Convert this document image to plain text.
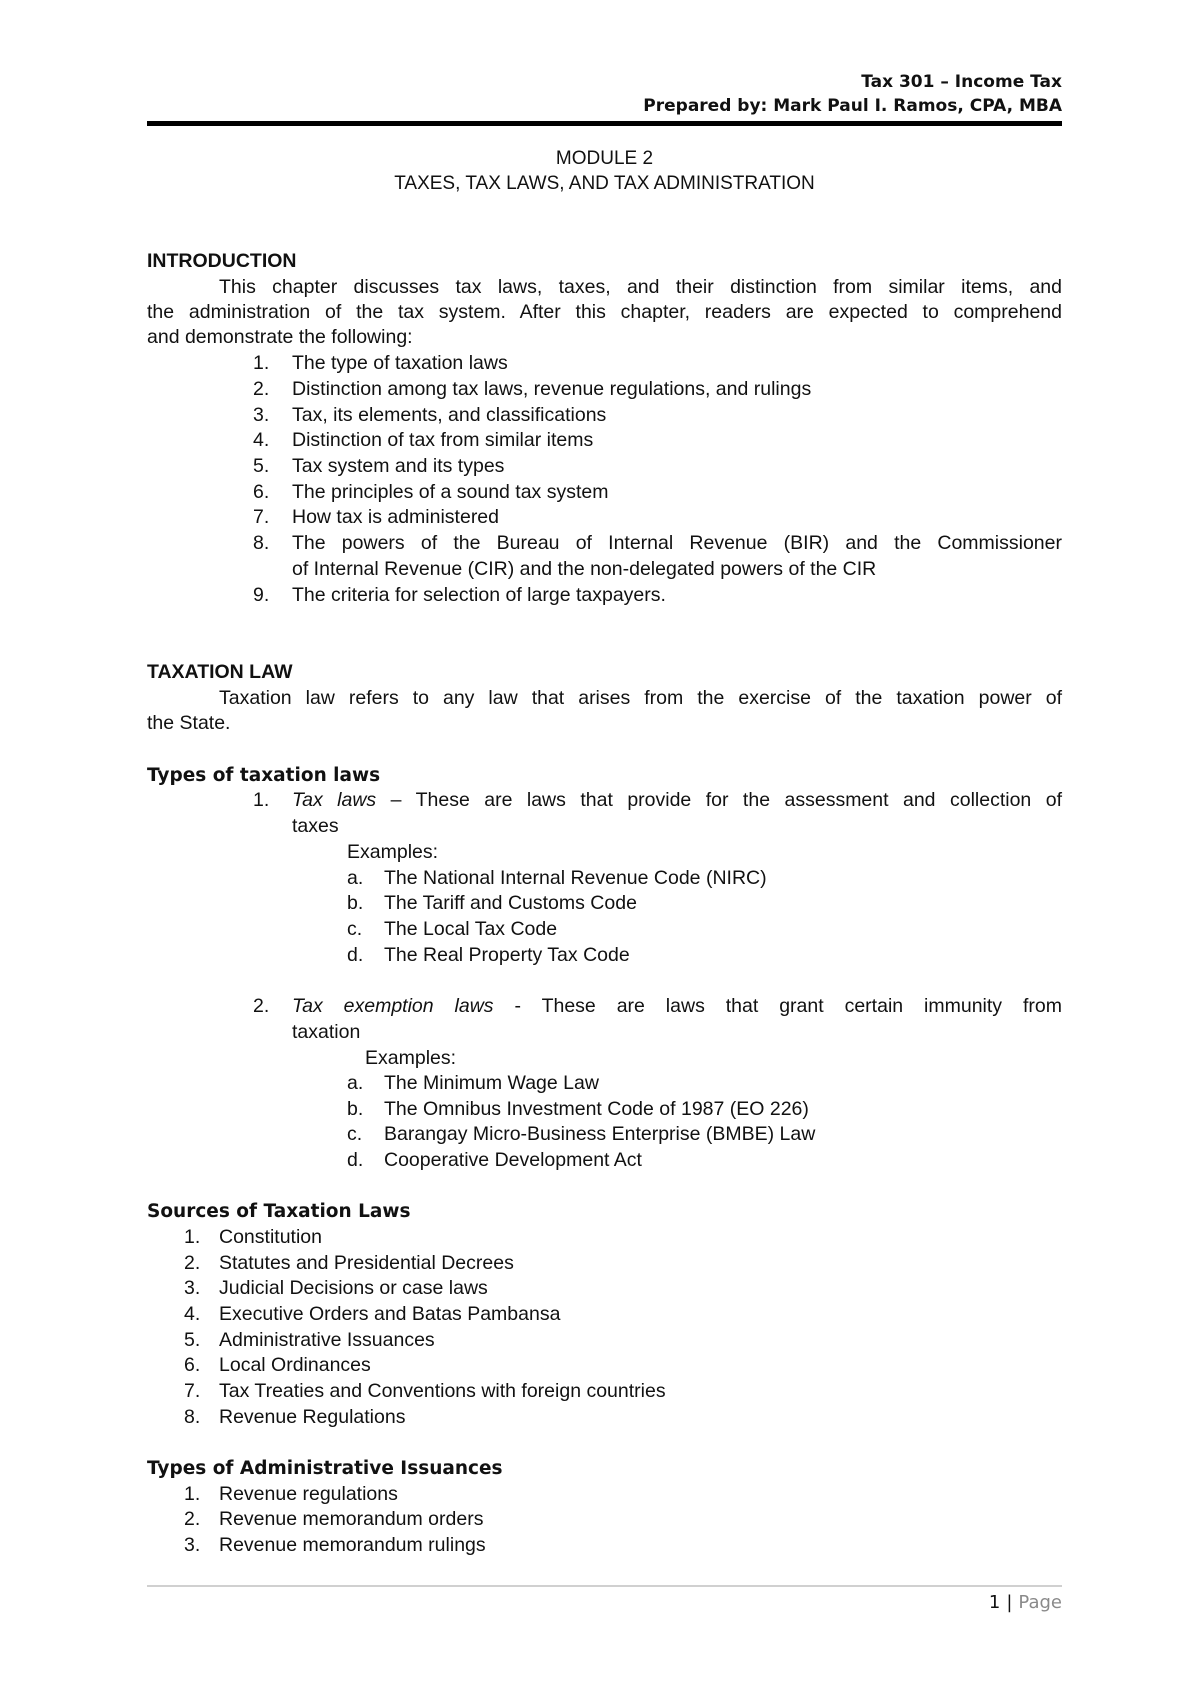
Tax 301 – Income Tax
Prepared by: Mark Paul I. Ramos, CPA, MBA
MODULE 2
TAXES, TAX LAWS, AND TAX ADMINISTRATION
INTRODUCTION
This chapter discusses tax laws, taxes, and their distinction from similar items, and
the administration of the tax system. After this chapter, readers are expected to comprehend
and demonstrate the following:
1. The type of taxation laws
2. Distinction among tax laws, revenue regulations, and rulings
3. Tax, its elements, and classifications
4. Distinction of tax from similar items
5. Tax system and its types
6. The principles of a sound tax system
7. How tax is administered
8. The powers of the Bureau of Internal Revenue (BIR) and the Commissioner
of Internal Revenue (CIR) and the non-delegated powers of the CIR
9. The criteria for selection of large taxpayers.
TAXATION LAW
Taxation law refers to any law that arises from the exercise of the taxation power of
the State.
Types of taxation laws
1. Tax laws – These are laws that provide for the assessment and collection of
taxes
Examples:
a. The National Internal Revenue Code (NIRC)
b. The Tariff and Customs Code
c. The Local Tax Code
d. The Real Property Tax Code
2. Tax exemption laws - These are laws that grant certain immunity from
taxation
Examples:
a. The Minimum Wage Law
b. The Omnibus Investment Code of 1987 (EO 226)
c. Barangay Micro-Business Enterprise (BMBE) Law
d. Cooperative Development Act
Sources of Taxation Laws
1. Constitution
2. Statutes and Presidential Decrees
3. Judicial Decisions or case laws
4. Executive Orders and Batas Pambansa
5. Administrative Issuances
6. Local Ordinances
7. Tax Treaties and Conventions with foreign countries
8. Revenue Regulations
Types of Administrative Issuances
1. Revenue regulations
2. Revenue memorandum orders
3. Revenue memorandum rulings
1 | Page
